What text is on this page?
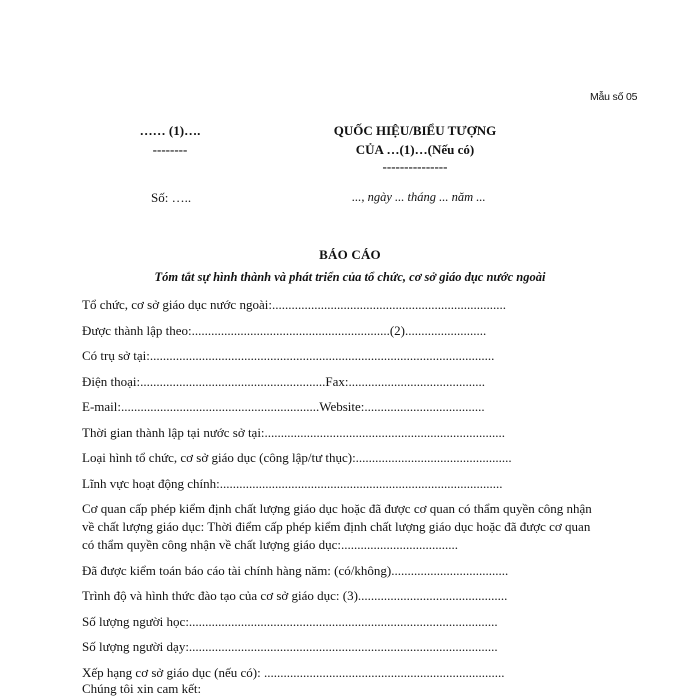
Mẫu số 05
…… (1)….
--------
QUỐC HIỆU/BIỂU TƯỢNG
CỦA …(1)…(Nếu có)
---------------
Số: …..	..., ngày ... tháng ... năm ...
BÁO CÁO
Tóm tắt sự hình thành và phát triển của tổ chức, cơ sở giáo dục nước ngoài
Tổ chức, cơ sở giáo dục nước ngoài:........................................................................
Được thành lập theo:.............................................................(2).........................
Có trụ sở tại:..........................................................................................................
Điện thoại:.........................................................Fax:..........................................
E-mail:.............................................................Website:.....................................
Thời gian thành lập tại nước sở tại:..........................................................................
Loại hình tổ chức, cơ sở giáo dục (công lập/tư thục):................................................
Lĩnh vực hoạt động chính:.......................................................................................
Cơ quan cấp phép kiểm định chất lượng giáo dục hoặc đã được cơ quan có thẩm quyền công nhận về chất lượng giáo dục: Thời điểm cấp phép kiểm định chất lượng giáo dục hoặc đã được cơ quan có thẩm quyền công nhận về chất lượng giáo dục:....................................
Đã được kiểm toán báo cáo tài chính hàng năm: (có/không)....................................
Trình độ và hình thức đào tạo của cơ sở giáo dục: (3)..............................................
Số lượng người học:...............................................................................................
Số lượng người dạy:...............................................................................................
Xếp hạng cơ sở giáo dục (nếu có): ..........................................................................
Chúng tôi xin cam kết:
